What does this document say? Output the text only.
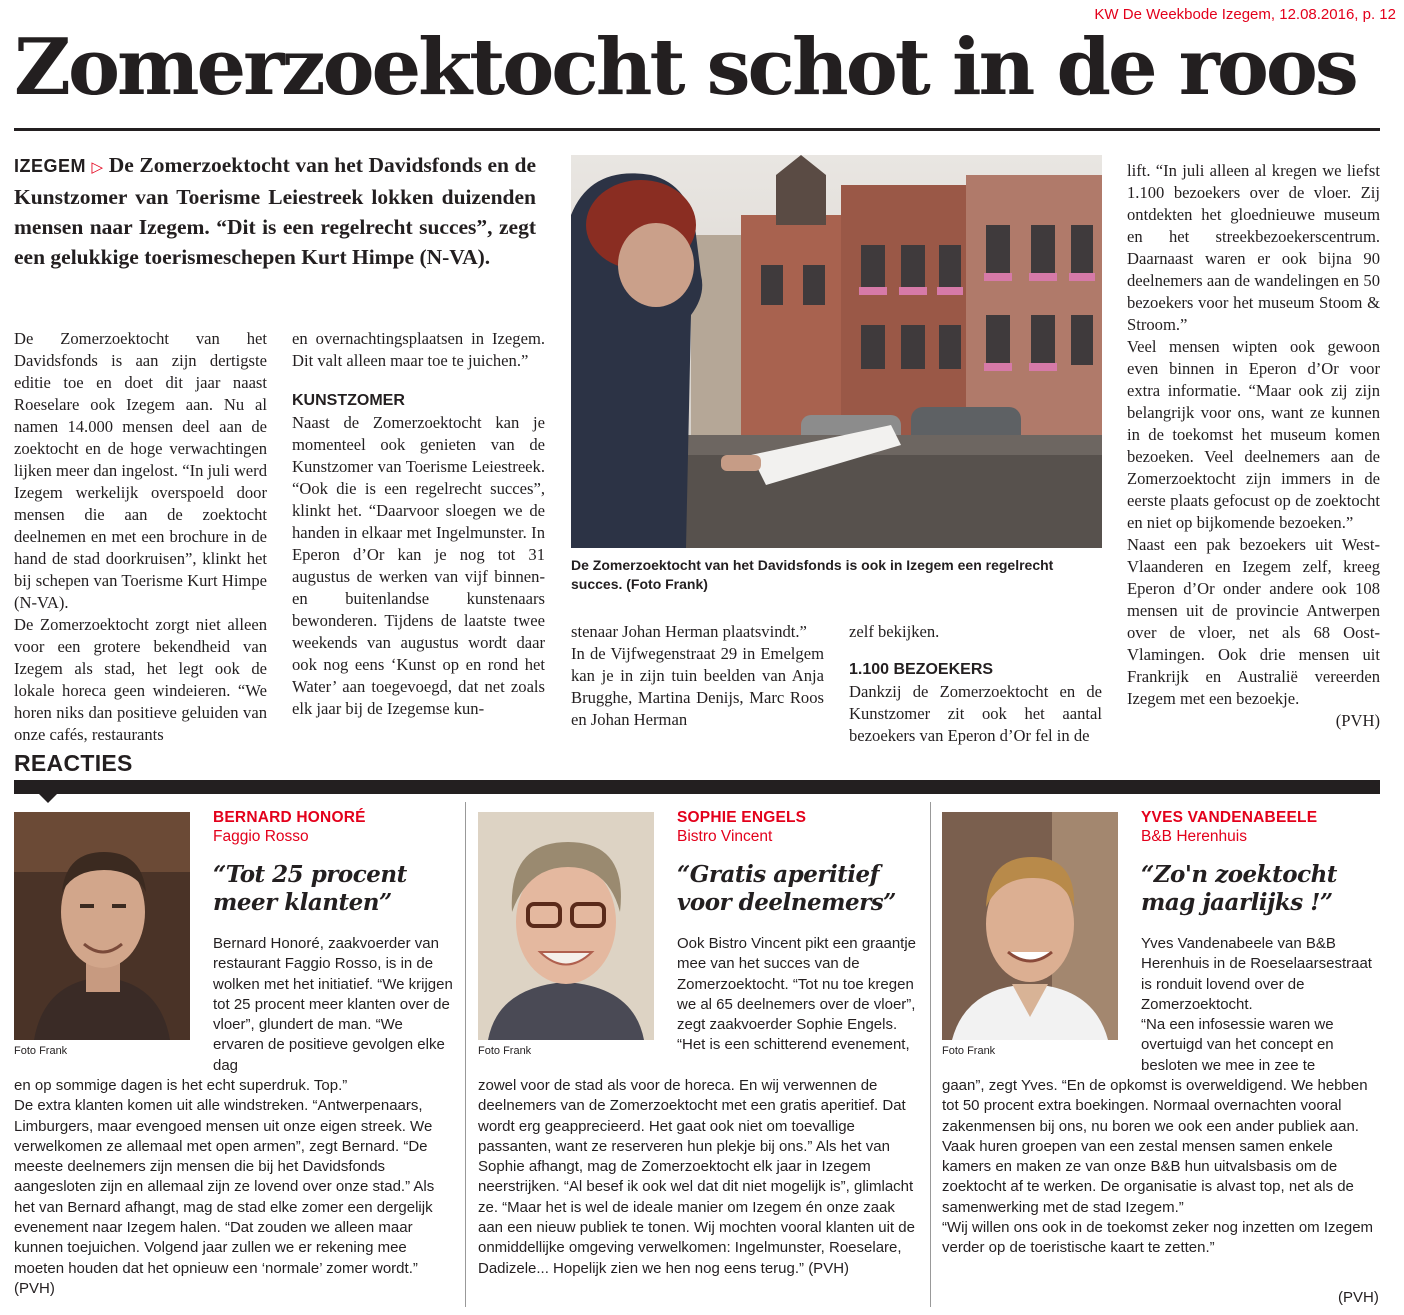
KW De Weekbode Izegem, 12.08.2016, p. 12
Zomerzoektocht schot in de roos
IZEGEM ▷ De Zomerzoektocht van het Davidsfonds en de Kunstzomer van Toerisme Leiestreek lokken duizenden mensen naar Izegem. “Dit is een regelrecht succes”, zegt een gelukkige toerismeschepen Kurt Himpe (N-VA).

De Zomerzoektocht van het Davidsfonds is aan zijn dertigste editie toe en doet dit jaar naast Roeselare ook Izegem aan. Nu al namen 14.000 mensen deel aan de zoektocht en de hoge verwachtingen lijken meer dan ingelost. “In juli werd Izegem werkelijk overspoeld door mensen die aan de zoektocht deelnemen en met een brochure in de hand de stad doorkruisen”, klinkt het bij schepen van Toerisme Kurt Himpe (N-VA).

De Zomerzoektocht zorgt niet alleen voor een grotere bekendheid van Izegem als stad, het legt ook de lokale horeca geen windeieren. “We horen niks dan positieve geluiden van onze cafés, restaurants

en overnachtingsplaatsen in Izegem. Dit valt alleen maar toe te juichen.”

KUNSTZOMER

Naast de Zomerzoektocht kan je momenteel ook genieten van de Kunstzomer van Toerisme Leiestreek. “Ook die is een regelrecht succes”, klinkt het. “Daarvoor sloegen we de handen in elkaar met Ingelmunster. In Eperon d’Or kan je nog tot 31 augustus de werken van vijf binnen- en buitenlandse kunstenaars bewonderen. Tijdens de laatste twee weekends van augustus wordt daar ook nog eens ‘Kunst op en rond het Water’ aan toegevoegd, dat net zoals elk jaar bij de Izegemse kun-

De Zomerzoektocht van het Davidsfonds is ook in Izegem een regelrecht succes. (Foto Frank)

stenaar Johan Herman plaatsvindt.”

In de Vijfwegenstraat 29 in Emelgem kan je in zijn tuin beelden van Anja Brugghe, Martina Denijs, Marc Roos en Johan Herman

zelf bekijken.

1.100 BEZOEKERS

Dankzij de Zomerzoektocht en de Kunstzomer zit ook het aantal bezoekers van Eperon d’Or fel in de

lift. “In juli alleen al kregen we liefst 1.100 bezoekers over de vloer. Zij ontdekten het gloednieuwe museum en het streekbezoekerscentrum. Daarnaast waren er ook bijna 90 deelnemers aan de wandelingen en 50 bezoekers voor het museum Stoom & Stroom.”

Veel mensen wipten ook gewoon even binnen in Eperon d’Or voor extra informatie. “Maar ook zij zijn belangrijk voor ons, want ze kunnen in de toekomst het museum komen bezoeken. Veel deelnemers aan de Zomerzoektocht zijn immers in de eerste plaats gefocust op de zoektocht en niet op bijkomende bezoeken.”

Naast een pak bezoekers uit West-Vlaanderen en Izegem zelf, kreeg Eperon d’Or onder andere ook 108 mensen uit de provincie Antwerpen over de vloer, net als 68 Oost-Vlamingen. Ook drie mensen uit Frankrijk en Australië vereerden Izegem met een bezoekje.

(PVH)

REACTIES
Foto Frank
BERNARD HONORÉ
Faggio Rosso
“Tot 25 procent
meer klanten”
Bernard Honoré, zaakvoerder van restaurant Faggio Rosso, is in de wolken met het initiatief. “We krijgen tot 25 procent meer klanten over de vloer”, glundert de man. “We ervaren de positieve gevolgen elke dag

en op sommige dagen is het echt superdruk. Top.”

De extra klanten komen uit alle windstreken. “Antwerpenaars, Limburgers, maar evengoed mensen uit onze eigen streek. We verwelkomen ze allemaal met open armen”, zegt Bernard. “De meeste deelnemers zijn mensen die bij het Davidsfonds aangesloten zijn en allemaal zijn ze lovend over onze stad.” Als het van Bernard afhangt, mag de stad elke zomer een dergelijk evenement naar Izegem halen. “Dat zouden we alleen maar kunnen toejuichen. Volgend jaar zullen we er rekening mee moeten houden dat het opnieuw een ‘normale’ zomer wordt.” (PVH)

Foto Frank
SOPHIE ENGELS
Bistro Vincent
“Gratis aperitief
voor deelnemers”
Ook Bistro Vincent pikt een graantje mee van het succes van de Zomerzoektocht. “Tot nu toe kregen we al 65 deelnemers over de vloer”, zegt zaakvoerder Sophie Engels. “Het is een schitterend evenement,

zowel voor de stad als voor de horeca. En wij verwennen de deelnemers van de Zomerzoektocht met een gratis aperitief. Dat wordt erg geapprecieerd. Het gaat ook niet om toevallige passanten, want ze reserveren hun plekje bij ons.” Als het van Sophie afhangt, mag de Zomerzoektocht elk jaar in Izegem neerstrijken. “Al besef ik ook wel dat dit niet mogelijk is”, glimlacht ze. “Maar het is wel de ideale manier om Izegem én onze zaak aan een nieuw publiek te tonen. Wij mochten vooral klanten uit de onmiddellijke omgeving verwelkomen: Ingelmunster, Roeselare, Dadizele... Hopelijk zien we hen nog eens terug.” (PVH)

Foto Frank
YVES VANDENABEELE
B&B Herenhuis
“Zo'n zoektocht
mag jaarlijks !”

Yves Vandenabeele van B&B Herenhuis in de Roeselaarsestraat is ronduit lovend over de Zomerzoektocht.

“Na een infosessie waren we overtuigd van het concept en besloten we mee in zee te

gaan”, zegt Yves. “En de opkomst is overweldigend. We hebben tot 50 procent extra boekingen. Normaal overnachten vooral zakenmensen bij ons, nu boren we ook een ander publiek aan. Vaak huren groepen van een zestal mensen samen enkele kamers en maken ze van onze B&B hun uitvalsbasis om de zoektocht af te werken. De organisatie is alvast top, net als de samenwerking met de stad Izegem.”

“Wij willen ons ook in de toekomst zeker nog inzetten om Izegem verder op de toeristische kaart te zetten.”

(PVH)
